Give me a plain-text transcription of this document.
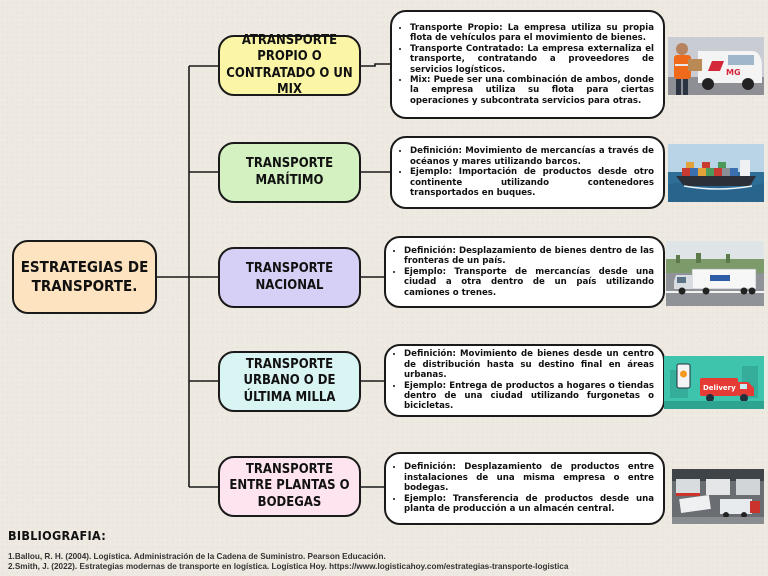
ESTRATEGIAS DE TRANSPORTE.
ATRANSPORTE PROPIO O CONTRATADO O UN MIX
TRANSPORTE MARÍTIMO
TRANSPORTE NACIONAL
TRANSPORTE URBANO O DE ÚLTIMA MILLA
TRANSPORTE ENTRE PLANTAS O BODEGAS
• Transporte Propio: La empresa utiliza su propia flota de vehículos para el movimiento de bienes.
• Transporte Contratado: La empresa externaliza el transporte, contratando a proveedores de servicios logísticos.
• Mix: Puede ser una combinación de ambos, donde la empresa utiliza su flota para ciertas operaciones y subcontrata servicios para otras.
• Definición: Movimiento de mercancías a través de océanos y mares utilizando barcos.
• Ejemplo: Importación de productos desde otro continente utilizando contenedores transportados en buques.
• Definición: Desplazamiento de bienes dentro de las fronteras de un país.
• Ejemplo: Transporte de mercancías desde una ciudad a otra dentro de un país utilizando camiones o trenes.
• Definición: Movimiento de bienes desde un centro de distribución hasta su destino final en áreas urbanas.
• Ejemplo: Entrega de productos a hogares o tiendas dentro de una ciudad utilizando furgonetas o bicicletas.
• Definición: Desplazamiento de productos entre instalaciones de una misma empresa o entre bodegas.
• Ejemplo: Transferencia de productos desde una planta de producción a un almacén central.
MG
Delivery
BIBLIOGRAFIA:
1.Ballou, R. H. (2004). Logística. Administración de la Cadena de Suministro. Pearson Educación.
2.Smith, J. (2022). Estrategias modernas de transporte en logística. Logística Hoy. https://www.logisticahoy.com/estrategias-transporte-logistica
